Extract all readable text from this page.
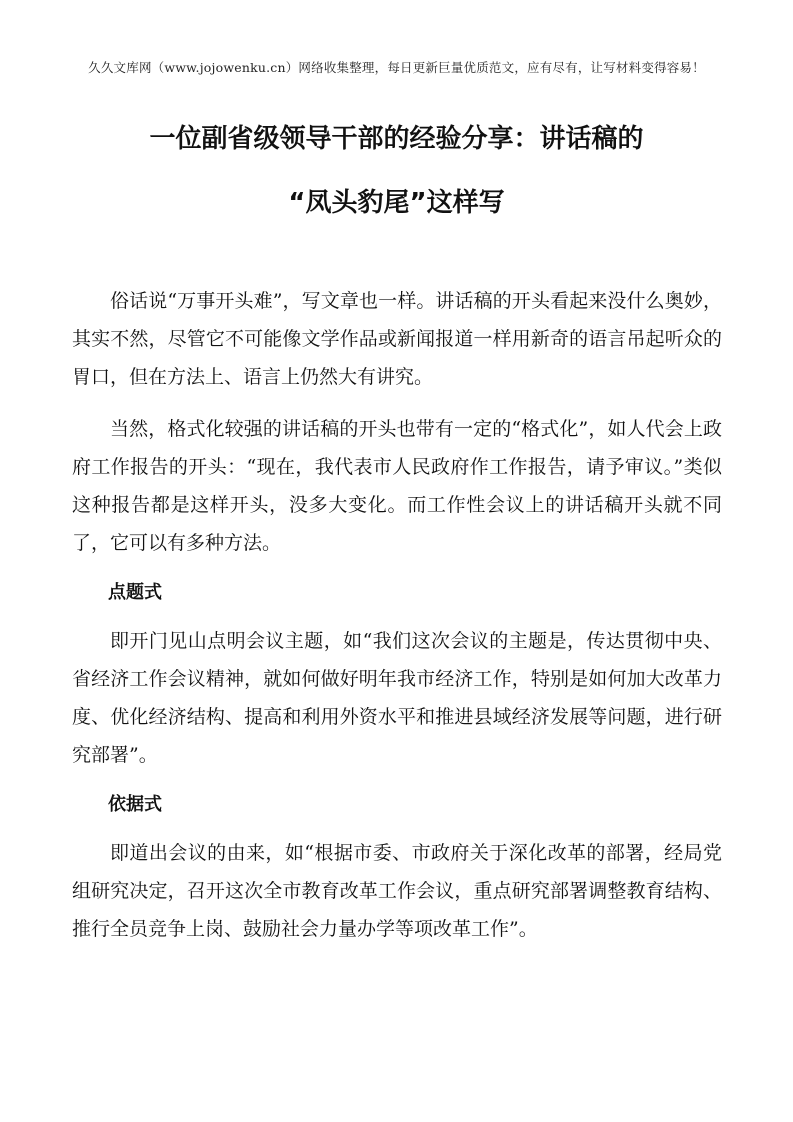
久久文库网（www.jojowenku.cn）网络收集整理，每日更新巨量优质范文，应有尽有，让写材料变得容易！
一位副省级领导干部的经验分享：讲话稿的
“凤头豹尾”这样写

俗话说“万事开头难”，写文章也一样。讲话稿的开头看起来没什么奥妙，其实不然，尽管它不可能像文学作品或新闻报道一样用新奇的语言吊起听众的胃口，但在方法上、语言上仍然大有讲究。

当然，格式化较强的讲话稿的开头也带有一定的“格式化”，如人代会上政府工作报告的开头：“现在，我代表市人民政府作工作报告，请予审议。”类似这种报告都是这样开头，没多大变化。而工作性会议上的讲话稿开头就不同了，它可以有多种方法。

点题式

即开门见山点明会议主题，如“我们这次会议的主题是，传达贯彻中央、省经济工作会议精神，就如何做好明年我市经济工作，特别是如何加大改革力度、优化经济结构、提高和利用外资水平和推进县域经济发展等问题，进行研究部署”。

依据式

即道出会议的由来，如“根据市委、市政府关于深化改革的部署，经局党组研究决定，召开这次全市教育改革工作会议，重点研究部署调整教育结构、推行全员竞争上岗、鼓励社会力量办学等项改革工作”。
